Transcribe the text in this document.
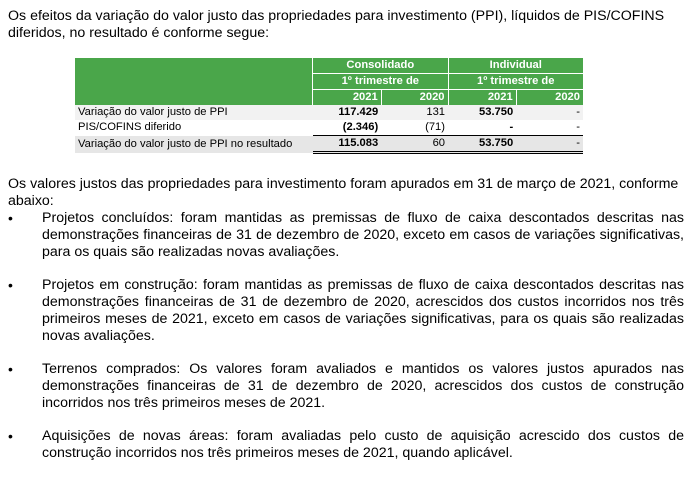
Os efeitos da variação do valor justo das propriedades para investimento (PPI), líquidos de PIS/COFINS diferidos, no resultado é conforme segue:

	Consolidado		Individual	
	1º trimestre de		1º trimestre de	
	2021	2020	2021	2020
Variação do valor justo de PPI	117.429	131	53.750	-
PIS/COFINS diferido	(2.346)	(71)	-	-
Variação do valor justo de PPI no resultado	115.083	60	53.750	-

Os valores justos das propriedades para investimento foram apurados em 31 de março de 2021, conforme abaixo:

• Projetos concluídos: foram mantidas as premissas de fluxo de caixa descontados descritas nas demonstrações financeiras de 31 de dezembro de 2020, exceto em casos de variações significativas, para os quais são realizadas novas avaliações.
• Projetos em construção: foram mantidas as premissas de fluxo de caixa descontados descritas nas demonstrações financeiras de 31 de dezembro de 2020, acrescidos dos custos incorridos nos três primeiros meses de 2021, exceto em casos de variações significativas, para os quais são realizadas novas avaliações.
• Terrenos comprados: Os valores foram avaliados e mantidos os valores justos apurados nas demonstrações financeiras de 31 de dezembro de 2020, acrescidos dos custos de construção incorridos nos três primeiros meses de 2021.
• Aquisições de novas áreas: foram avaliadas pelo custo de aquisição acrescido dos custos de construção incorridos nos três primeiros meses de 2021, quando aplicável.
